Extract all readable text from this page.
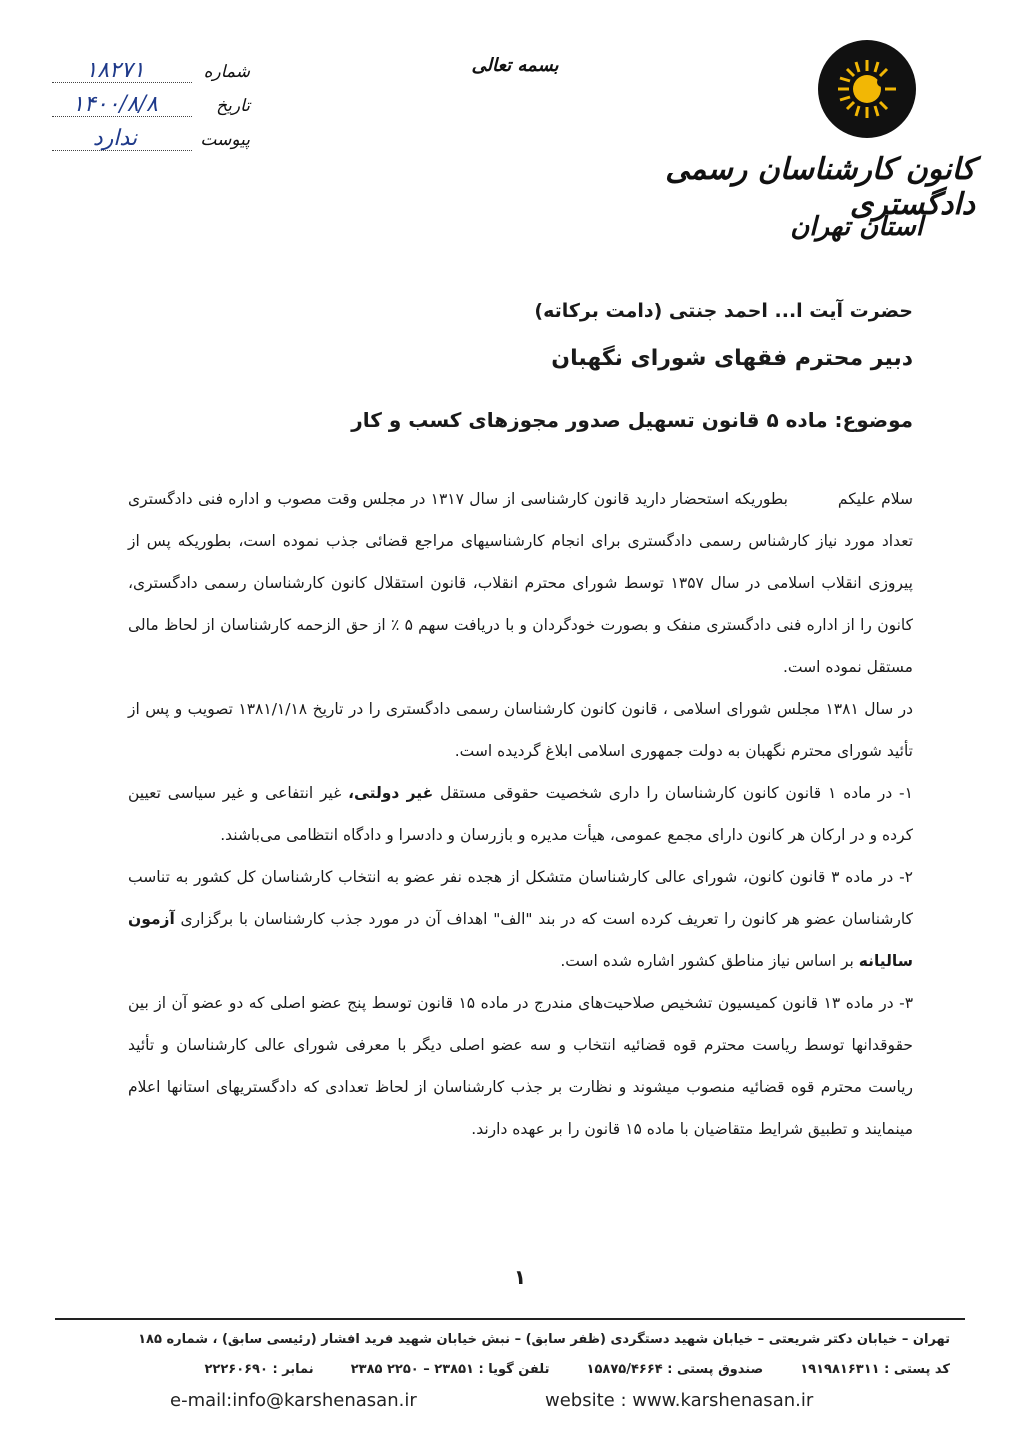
کانون کارشناسان رسمی دادگستری
استان تهران
بسمه تعالی
شماره
۱۸۲۷۱
تاریخ
۱۴۰۰/۸/۸
پیوست
ندارد
حضرت آیت ا... احمد جنتی (دامت برکاته)
دبیر محترم فقهای شورای نگهبان
موضوع: ماده ۵ قانون تسهیل صدور مجوزهای کسب و کار

سلام علیکمبطوریکه استحضار دارید قانون کارشناسی از سال ۱۳۱۷ در مجلس وقت مصوب و اداره فنی دادگستری تعداد مورد نیاز کارشناس رسمی دادگستری برای انجام کارشناسیهای مراجع قضائی جذب نموده است، بطوریکه پس از پیروزی انقلاب اسلامی در سال ۱۳۵۷ توسط شورای محترم انقلاب، قانون استقلال کانون کارشناسان رسمی دادگستری، کانون را از اداره فنی دادگستری منفک و بصورت خودگردان و با دریافت سهم ۵ ٪ از حق الزحمه کارشناسان از لحاظ مالی مستقل نموده است.

در سال ۱۳۸۱ مجلس شورای اسلامی ، قانون کانون کارشناسان رسمی دادگستری را در تاریخ ۱۳۸۱/۱/۱۸ تصویب و پس از تأئید شورای محترم نگهبان به دولت جمهوری اسلامی ابلاغ گردیده است.

۱- در ماده ۱ قانون کانون کارشناسان را داری شخصیت حقوقی مستقل غیر دولتی، غیر انتفاعی و غیر سیاسی تعیین کرده و در ارکان هر کانون دارای مجمع عمومی، هیأت مدیره و بازرسان و دادسرا و دادگاه انتظامی می‌باشند.

۲- در ماده ۳ قانون کانون، شورای عالی کارشناسان متشکل از هجده نفر عضو به انتخاب کارشناسان کل کشور به تناسب کارشناسان عضو هر کانون را تعریف کرده است که در بند "الف" اهداف آن در مورد جذب کارشناسان با برگزاری آزمون سالیانه بر اساس نیاز مناطق کشور اشاره شده است.

۳- در ماده ۱۳ قانون کمیسیون تشخیص صلاحیت‌های مندرج در ماده ۱۵ قانون توسط پنج عضو اصلی که دو عضو آن از بین حقوقدانها توسط ریاست محترم قوه قضائیه انتخاب و سه عضو اصلی دیگر با معرفی شورای عالی کارشناسان و تأئید ریاست محترم قوه قضائیه منصوب میشوند و نظارت بر جذب کارشناسان از لحاظ تعدادی که دادگستریهای استانها اعلام مینمایند و تطبیق شرایط متقاضیان با ماده ۱۵ قانون را بر عهده دارند.

۱
تهران – خیابان دکتر شریعتی – خیابان شهید دستگردی (ظفر سابق) – نبش خیابان شهید فرید افشار (رئیسی سابق) ، شماره ۱۸۵
کد پستی : ۱۹۱۹۸۱۶۳۱۱  صندوق پستی : ۱۵۸۷۵/۴۶۶۴  تلفن گویا : ۲۳۸۵۱ – ۲۲۵۰ ۲۳۸۵  نمابر : ۲۲۲۶۰۶۹۰
e-mail:info@karshenasan.ir	website : www.karshenasan.ir
